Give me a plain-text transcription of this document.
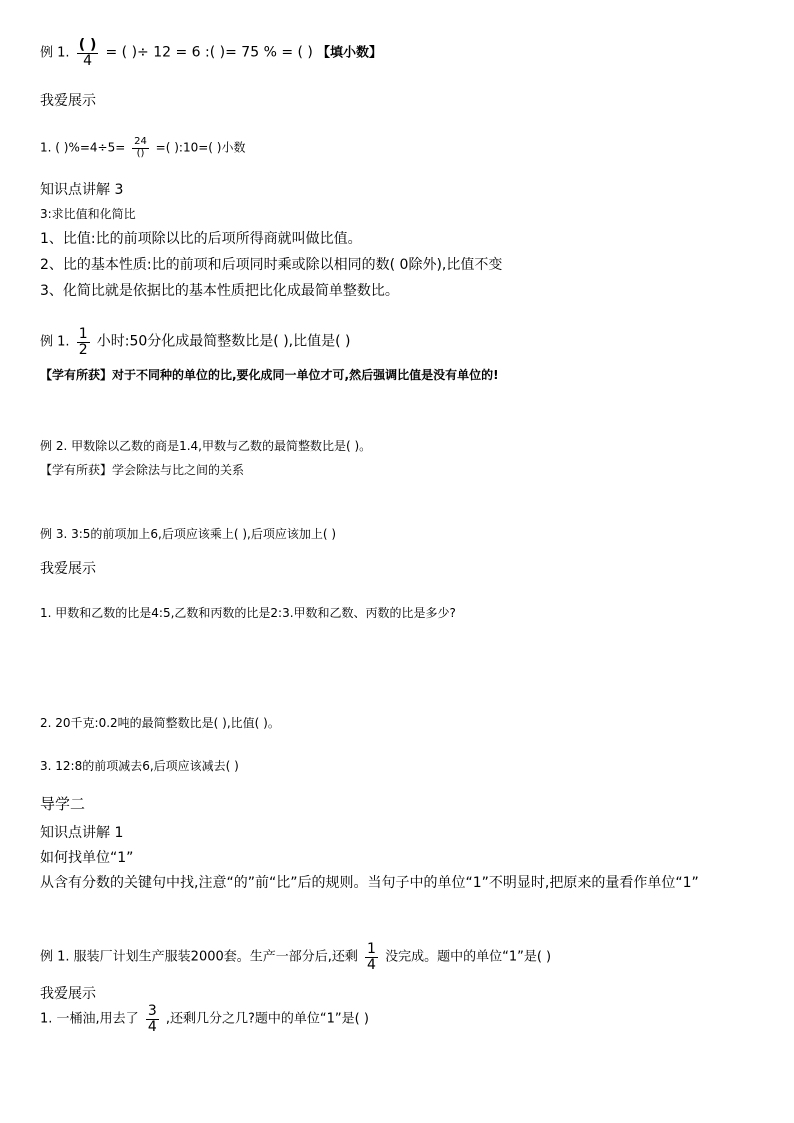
例 1. $\frac{( )}{4}$ = ( )÷ 12 = 6 :( )= 75 % = ( ) 【填小数】
我爱展示
1. ( )$\%=4\div 5= \frac{24}{()}$ =( ):10=( )小数
知识点讲解 3
3:求比值和化简比
1、比值:比的前项除以比的后项所得商就叫做比值。
2、比的基本性质:比的前项和后项同时乘或除以相同的数( 0除外),比值不变
3、化简比就是依据比的基本性质把比化成最简单整数比。
例 1. $\frac{1}{2}$ 小时:50分化成最简整数比是( ),比值是( )
【学有所获】对于不同种的单位的比,要化成同一单位才可,然后强调比值是没有单位的!
例 2. 甲数除以乙数的商是1.4,甲数与乙数的最简整数比是( )。
【学有所获】学会除法与比之间的关系
例 3. 3:5的前项加上6,后项应该乘上( ),后项应该加上( )
我爱展示
1. 甲数和乙数的比是4:5,乙数和丙数的比是2:3.甲数和乙数、丙数的比是多少?
2. 20千克:0.2吨的最简整数比是( ),比值( )。
3. 12:8的前项减去6,后项应该减去( )
导学二
知识点讲解 1
如何找单位“1”
从含有分数的关键句中找,注意“的”前“比”后的规则。当句子中的单位“1”不明显时,把原来的量看作单位“1”
例 1. 服装厂计划生产服装2000套。生产一部分后,还剩 $\frac{1}{4}$ 没完成。题中的单位“1”是( )
我爱展示
1. 一桶油,用去了 $\frac{3}{4}$ ,还剩几分之几?题中的单位“1”是( )
